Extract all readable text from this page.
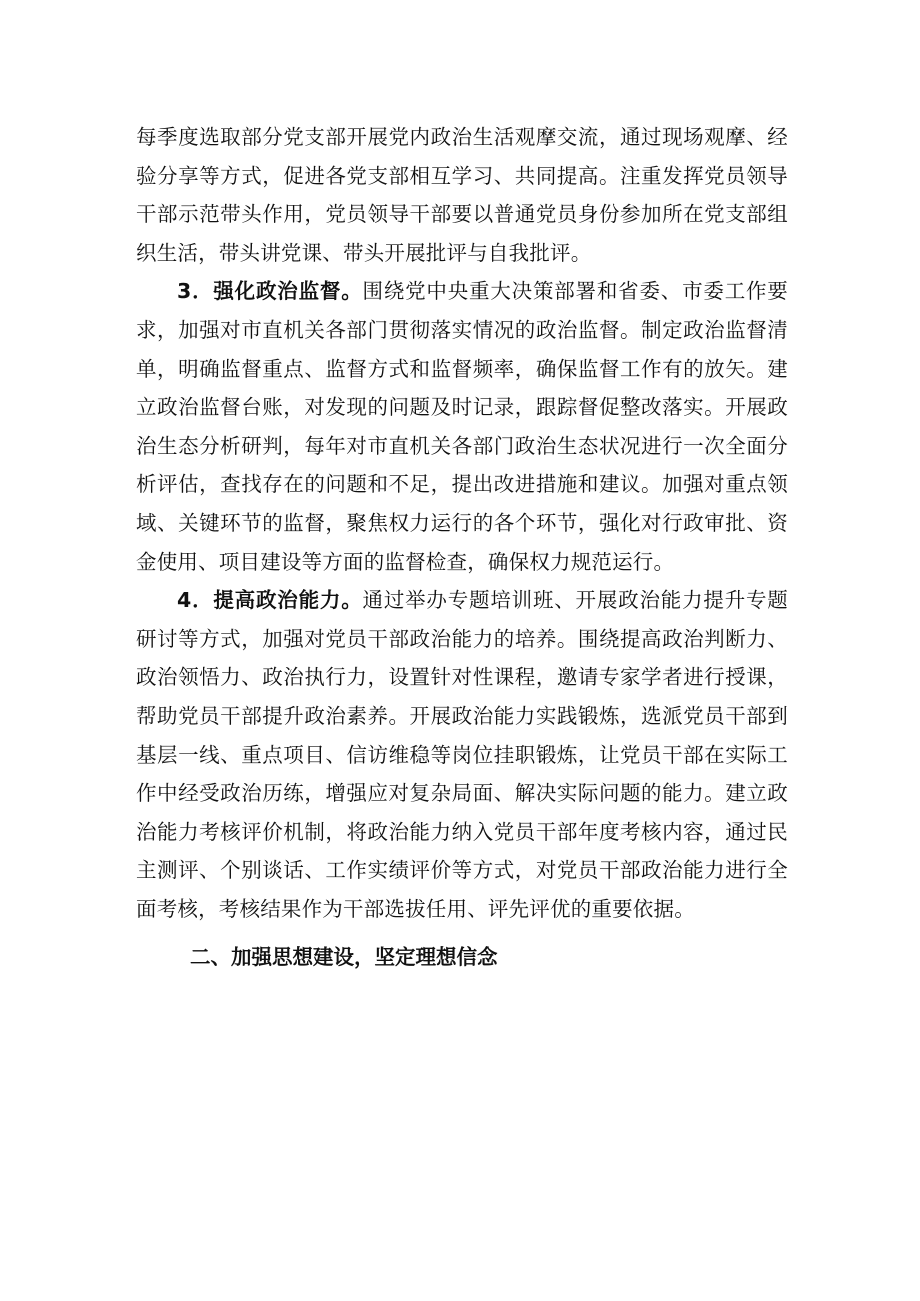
每季度选取部分党支部开展党内政治生活观摩交流，通过现场观摩、经验分享等方式，促进各党支部相互学习、共同提高。注重发挥党员领导干部示范带头作用，党员领导干部要以普通党员身份参加所在党支部组织生活，带头讲党课、带头开展批评与自我批评。

3．强化政治监督。围绕党中央重大决策部署和省委、市委工作要求，加强对市直机关各部门贯彻落实情况的政治监督。制定政治监督清单，明确监督重点、监督方式和监督频率，确保监督工作有的放矢。建立政治监督台账，对发现的问题及时记录，跟踪督促整改落实。开展政治生态分析研判，每年对市直机关各部门政治生态状况进行一次全面分析评估，查找存在的问题和不足，提出改进措施和建议。加强对重点领域、关键环节的监督，聚焦权力运行的各个环节，强化对行政审批、资金使用、项目建设等方面的监督检查，确保权力规范运行。

4．提高政治能力。通过举办专题培训班、开展政治能力提升专题研讨等方式，加强对党员干部政治能力的培养。围绕提高政治判断力、政治领悟力、政治执行力，设置针对性课程，邀请专家学者进行授课，帮助党员干部提升政治素养。开展政治能力实践锻炼，选派党员干部到基层一线、重点项目、信访维稳等岗位挂职锻炼，让党员干部在实际工作中经受政治历练，增强应对复杂局面、解决实际问题的能力。建立政治能力考核评价机制，将政治能力纳入党员干部年度考核内容，通过民主测评、个别谈话、工作实绩评价等方式，对党员干部政治能力进行全面考核，考核结果作为干部选拔任用、评先评优的重要依据。

二、加强思想建设，坚定理想信念
